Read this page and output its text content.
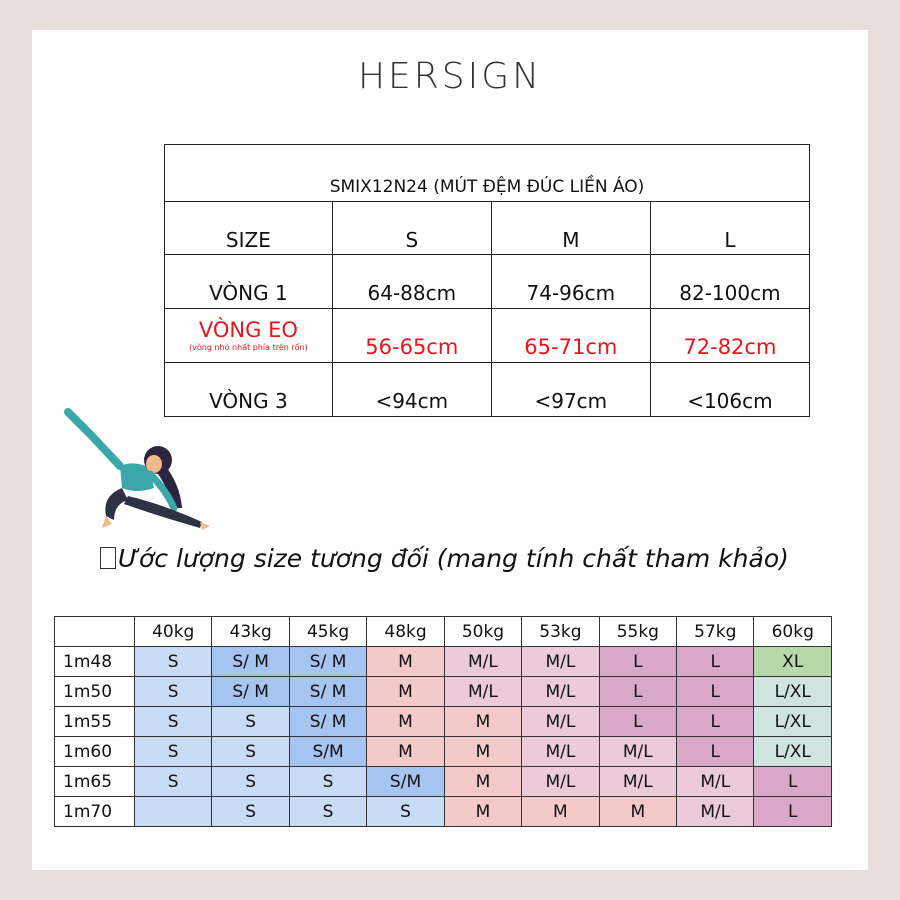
HERSIGN
SMIX12N24 (MÚT ĐỆM ĐÚC LIỀN ÁO)			
SIZE	S	M	L
VÒNG 1	64-88cm	74-96cm	82-100cm

VÒNG EO
(vòng nhỏ nhất phía trên rốn)	56-65cm	65-71cm	72-82cm
VÒNG 3	<94cm	<97cm	<106cm
Ước lượng size tương đối (mang tính chất tham khảo)
	40kg	43kg	45kg	48kg	50kg	53kg	55kg	57kg	60kg
1m48	S	S/ M	S/ M	M	M/L	M/L	L	L	XL
1m50	S	S/ M	S/ M	M	M/L	M/L	L	L	L/XL
1m55	S	S	S/ M	M	M	M/L	L	L	L/XL
1m60	S	S	S/M	M	M	M/L	M/L	L	L/XL
1m65	S	S	S	S/M	M	M/L	M/L	M/L	L
1m70		S	S	S	M	M	M	M/L	L
